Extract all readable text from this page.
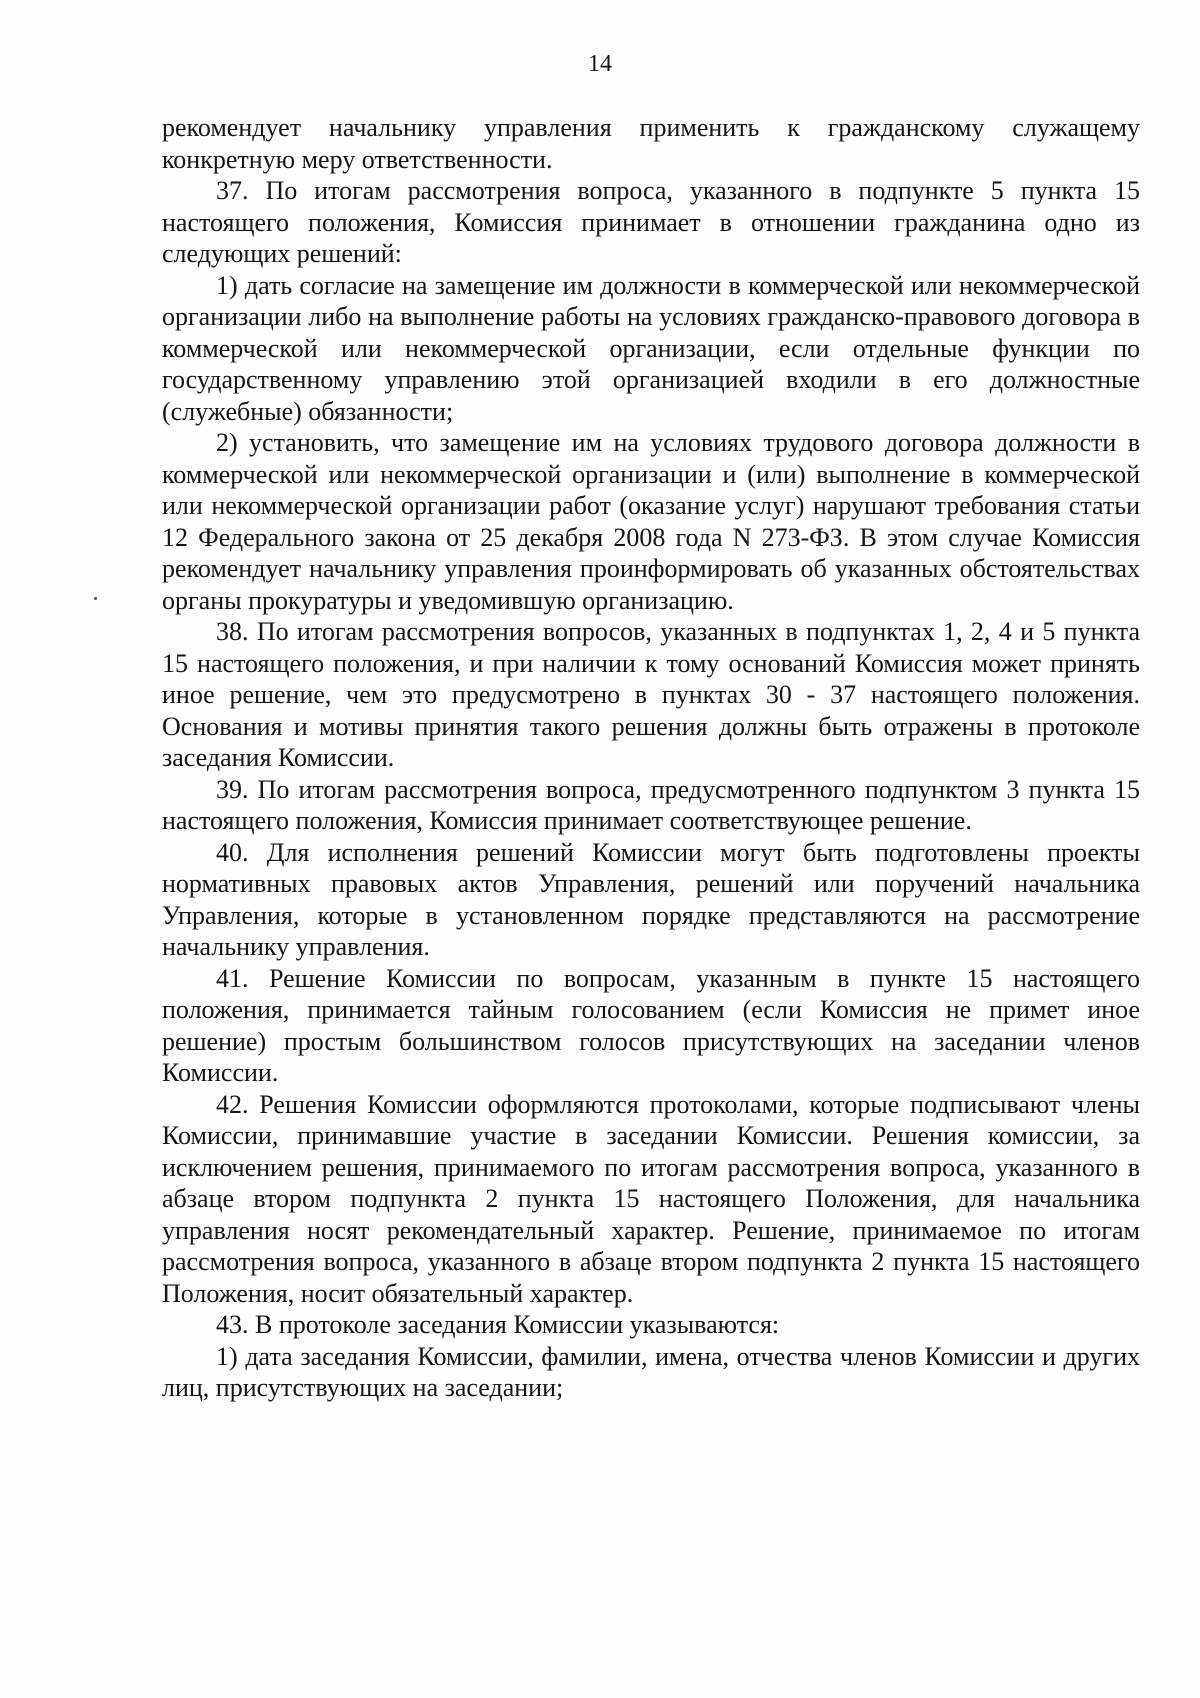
14

рекомендует начальнику управления применить к гражданскому служащему конкретную меру ответственности.

37. По итогам рассмотрения вопроса, указанного в подпункте 5 пункта 15 настоящего положения, Комиссия принимает в отношении гражданина одно из следующих решений:

1) дать согласие на замещение им должности в коммерческой или некоммерческой организации либо на выполнение работы на условиях гражданско-правового договора в коммерческой или некоммерческой организации, если отдельные функции по государственному управлению этой организацией входили в его должностные (служебные) обязанности;

2) установить, что замещение им на условиях трудового договора должности в коммерческой или некоммерческой организации и (или) выполнение в коммерческой или некоммерческой организации работ (оказание услуг) нарушают требования статьи 12 Федерального закона от 25 декабря 2008 года N 273-ФЗ. В этом случае Комиссия рекомендует начальнику управления проинформировать об указанных обстоятельствах органы прокуратуры и уведомившую организацию.

38. По итогам рассмотрения вопросов, указанных в подпунктах 1, 2, 4 и 5 пункта 15 настоящего положения, и при наличии к тому оснований Комиссия может принять иное решение, чем это предусмотрено в пунктах 30 - 37 настоящего положения. Основания и мотивы принятия такого решения должны быть отражены в протоколе заседания Комиссии.

39. По итогам рассмотрения вопроса, предусмотренного подпунктом 3 пункта 15 настоящего положения, Комиссия принимает соответствующее решение.

40. Для исполнения решений Комиссии могут быть подготовлены проекты нормативных правовых актов Управления, решений или поручений начальника Управления, которые в установленном порядке представляются на рассмотрение начальнику управления.

41. Решение Комиссии по вопросам, указанным в пункте 15 настоящего положения, принимается тайным голосованием (если Комиссия не примет иное решение) простым большинством голосов присутствующих на заседании членов Комиссии.

42. Решения Комиссии оформляются протоколами, которые подписывают члены Комиссии, принимавшие участие в заседании Комиссии. Решения комиссии, за исключением решения, принимаемого по итогам рассмотрения вопроса, указанного в абзаце втором подпункта 2 пункта 15 настоящего Положения, для начальника управления носят рекомендательный характер. Решение, принимаемое по итогам рассмотрения вопроса, указанного в абзаце втором подпункта 2 пункта 15 настоящего Положения, носит обязательный характер.

43. В протоколе заседания Комиссии указываются:

1) дата заседания Комиссии, фамилии, имена, отчества членов Комиссии и других лиц, присутствующих на заседании;
